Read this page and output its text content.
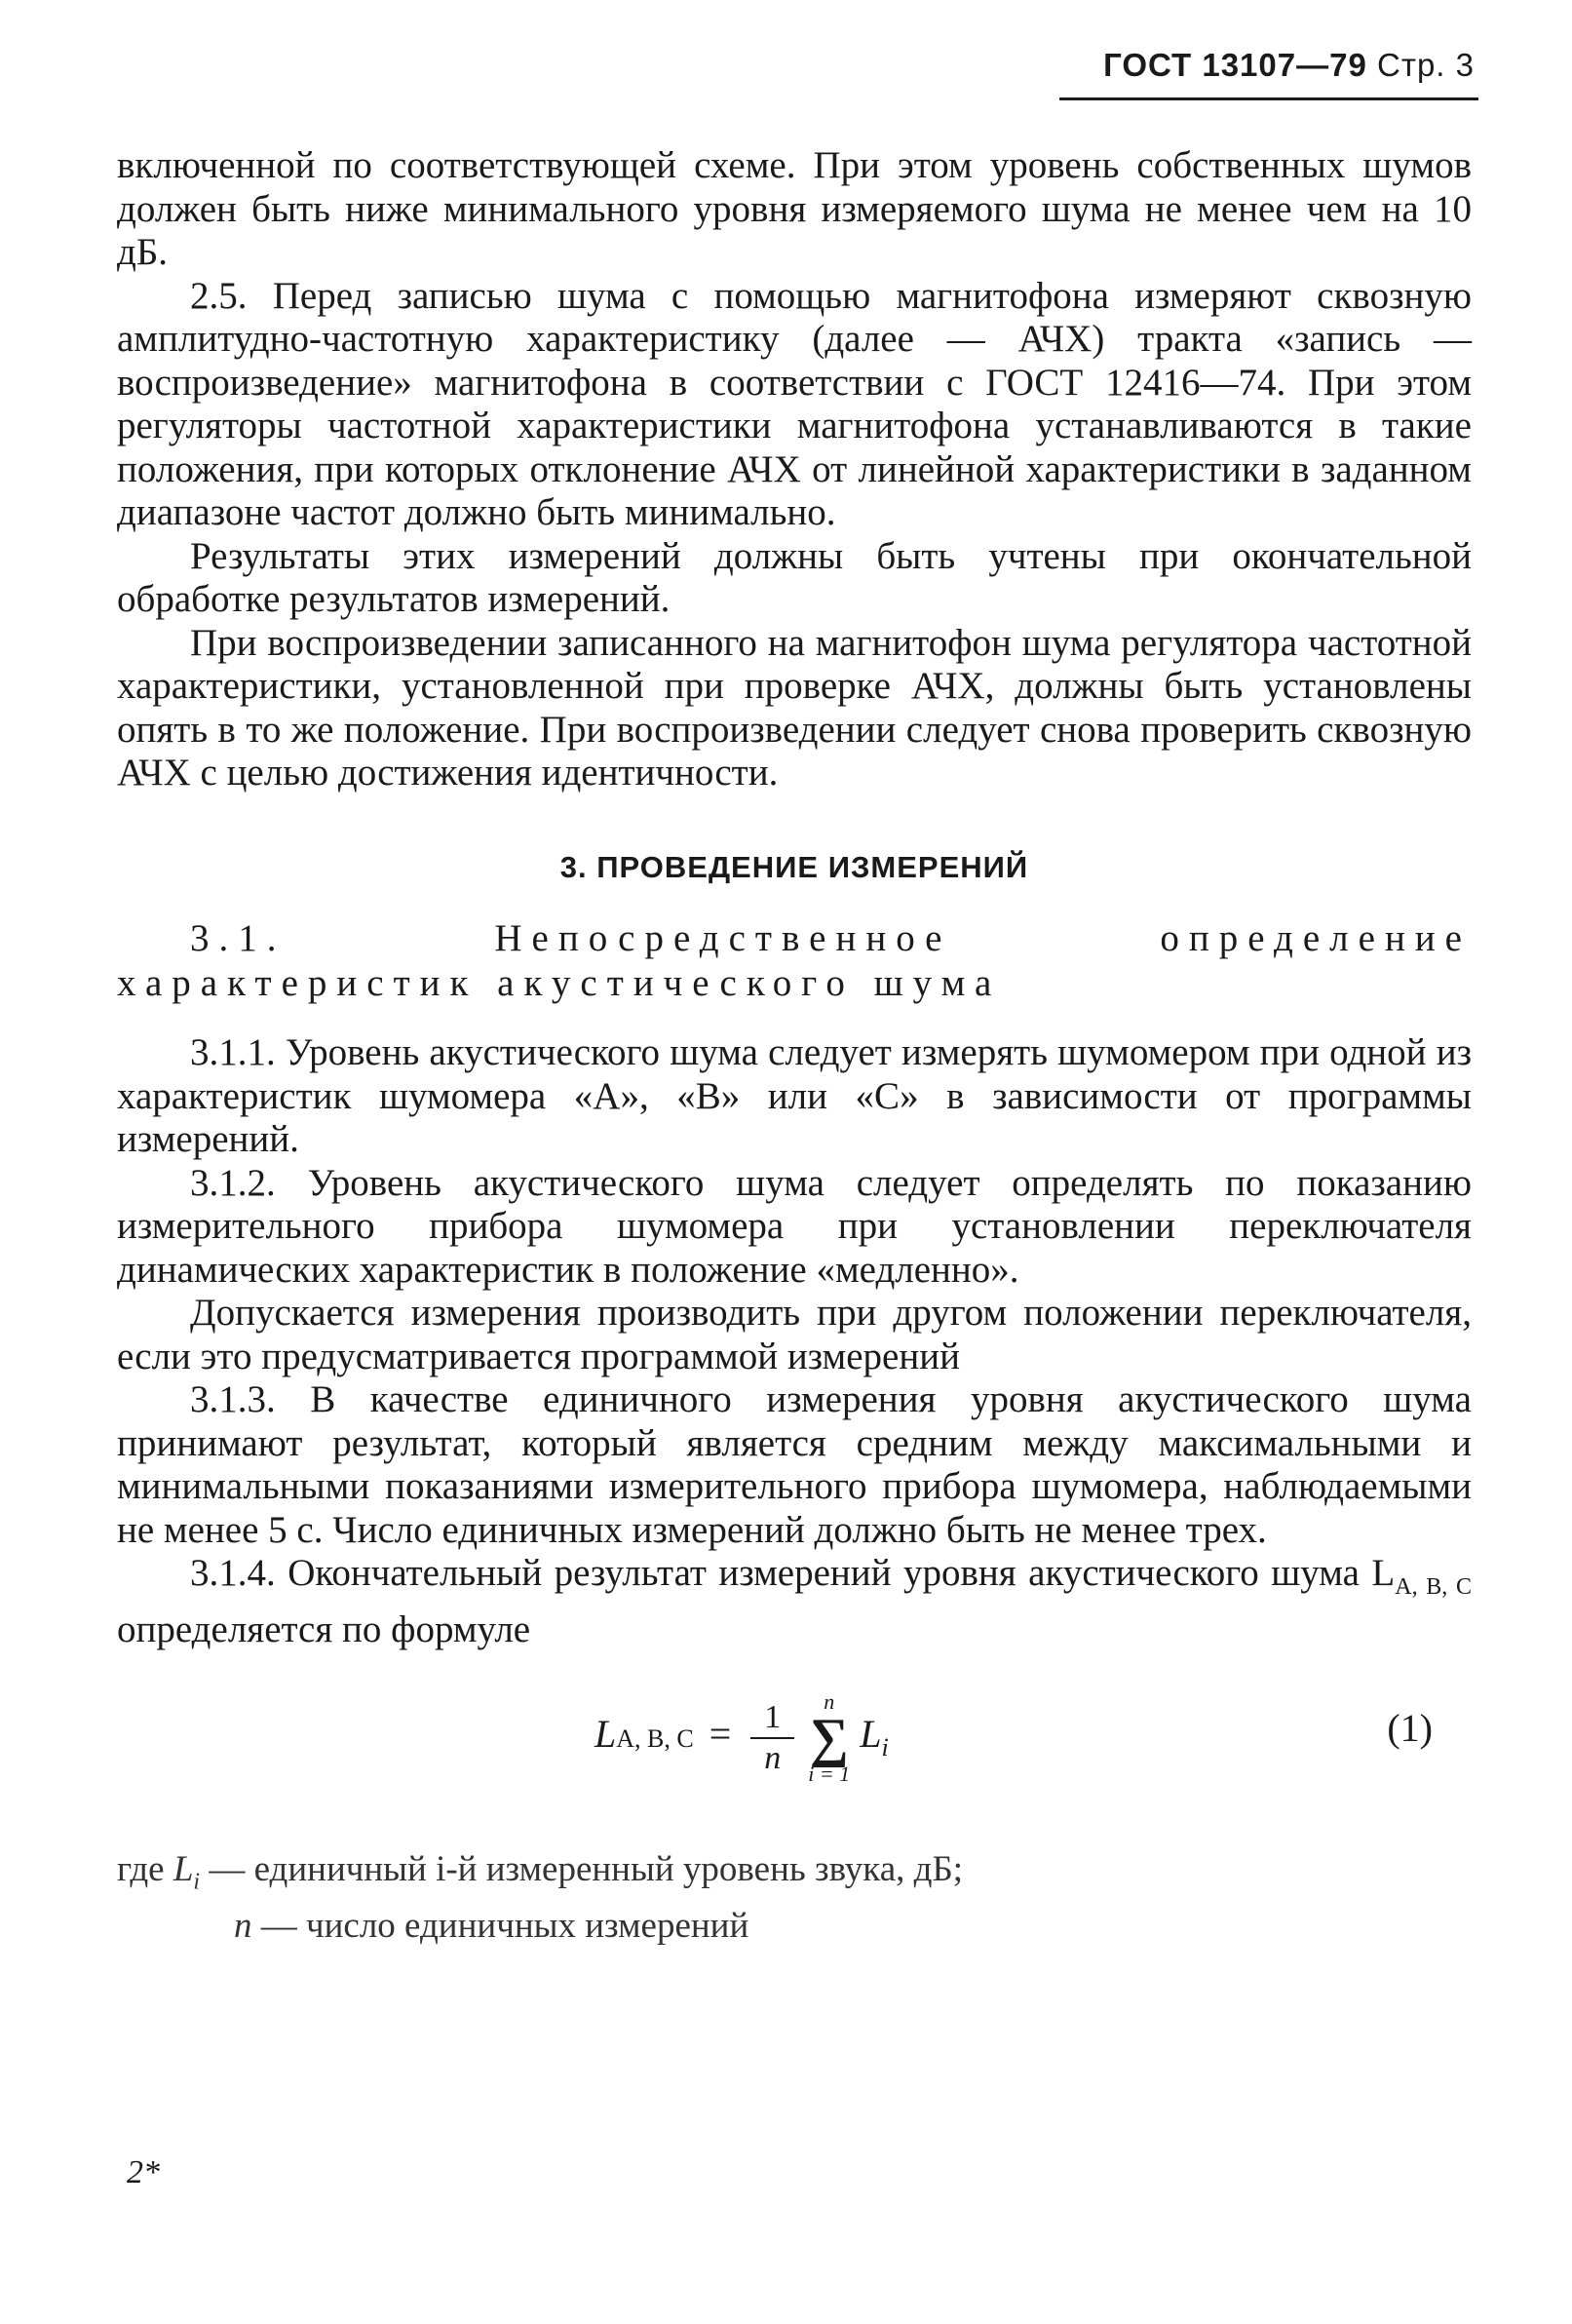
ГОСТ 13107—79 Стр. 3

включенной по соответствующей схеме. При этом уровень собственных шумов должен быть ниже минимального уровня измеряемого шума не менее чем на 10 дБ.

2.5. Перед записью шума с помощью магнитофона измеряют сквозную амплитудно-частотную характеристику (далее — АЧХ) тракта «запись — воспроизведение» магнитофона в соответствии с ГОСТ 12416—74. При этом регуляторы частотной характеристики магнитофона устанавливаются в такие положения, при которых отклонение АЧХ от линейной характеристики в заданном диапазоне частот должно быть минимально.

Результаты этих измерений должны быть учтены при окончательной обработке результатов измерений.

При воспроизведении записанного на магнитофон шума регулятора частотной характеристики, установленной при проверке АЧХ, должны быть установлены опять в то же положение. При воспроизведении следует снова проверить сквозную АЧХ с целью достижения идентичности.

3. ПРОВЕДЕНИЕ ИЗМЕРЕНИЙ

3.1. Непосредственное определение характеристик акустического шума

3.1.1. Уровень акустического шума следует измерять шумомером при одной из характеристик шумомера «А», «В» или «С» в зависимости от программы измерений.

3.1.2. Уровень акустического шума следует определять по показанию измерительного прибора шумомера при установлении переключателя динамических характеристик в положение «медленно».

Допускается измерения производить при другом положении переключателя, если это предусматривается программой измерений

3.1.3. В качестве единичного измерения уровня акустического шума принимают результат, который является средним между максимальными и минимальными показаниями измерительного прибора шумомера, наблюдаемыми не менее 5 с. Число единичных измерений должно быть не менее трех.

3.1.4. Окончательный результат измерений уровня акустического шума $L_{A, B, C}$ определяется по формуле

LA, B, $C = \frac{1}{n}$
	n
∑
i = 1
$L_i$	(1)
где $L_i$ — единичный i-й измеренный уровень звука, дБ;
n — число единичных измерений
2*
